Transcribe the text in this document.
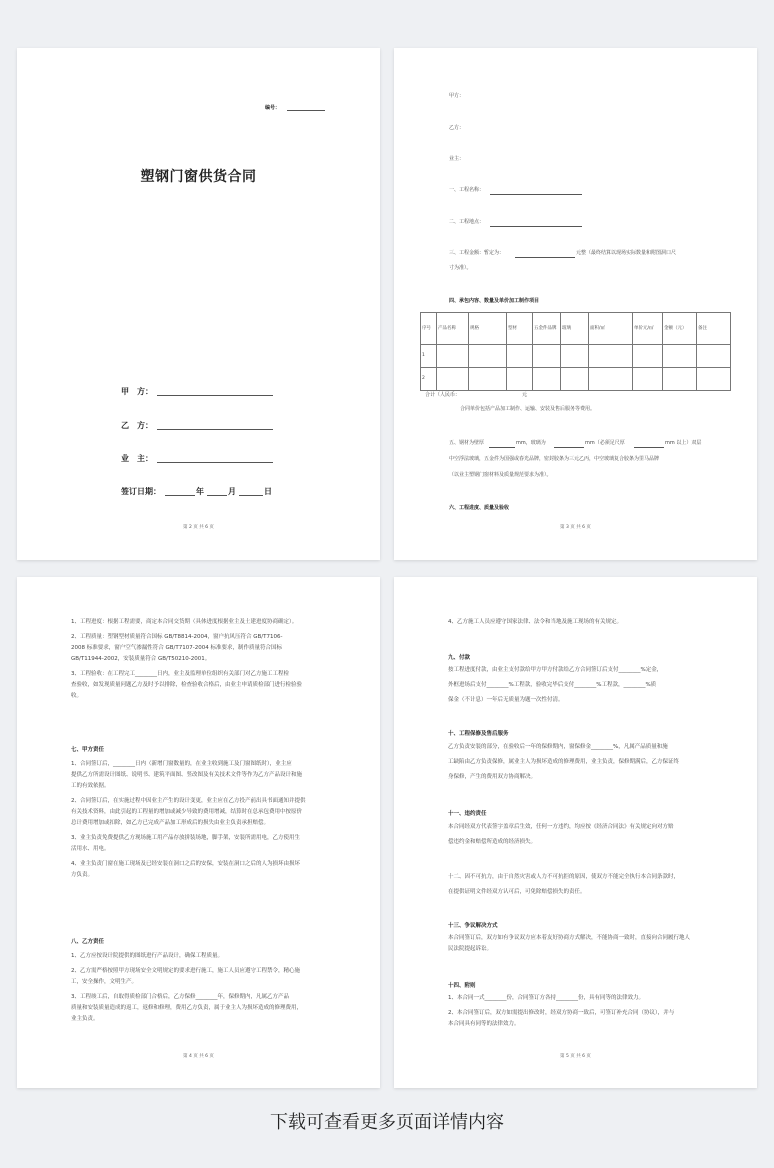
编号：
塑钢门窗供货合同
甲　方：
乙　方：
业　主：
签订日期：	年	月	日
第 2 页 共 6 页
甲方：
乙方：
业主：
一、工程名称：
二、工程地点：
三、工程金额：暂定为：	元整（最终结算以现场实际数量和附图洞口尺
寸为准）。
四、承包内容、数量及单价加工制作项目
序号	产品名称	规格	型材	五金件品牌	玻璃	面积/㎡	单价元/㎡	金额（元）	备注
1									
2									
合计（人民币：	元
合同单价包括产品加工制作、运输、安装及售后服务等费用。
五、钢材为壁厚	mm，玻璃为	mm（必须足尺厚	mm 以上）双层
中空浮法玻璃，五金件为国强或春光品牌，密封胶条为三元乙丙，中空玻璃复合胶条为里马品牌
（以业主塑钢门窗材料及质量规范要求为准）。
六、工程进度、质量及验收
第 3 页 共 6 页
1、工程进度：根据工程需要，商定本合同交货期（具体进度根据业主及土建进度协商确定）。
2、工程质量：塑钢型材质量符合国标 GB/T8814-2004，窗户抗风压符合 GB/T7106-
2008 标准要求，窗户空气渗漏性符合 GB/T7107-2004 标准要求，制作质量符合国标
GB/T11944-2002，安装质量符合 GB/T50210-2001。
3、工程验收：在工程完工________日内，业主及监理单位组织有关部门对乙方施工工程检
查验收，如发现质量问题乙方及时予以排除，检查验收合格后，由业主申请质检部门进行检验验
收。
七、甲方责任
1、合同签订后，________日内（新增门窗数量的，在业主收到施工及门窗图纸时），业主应
提供乙方所需设计图纸、说明书、建筑平面图、竖改图及有关技术文件等作为乙方产品设计和施
工的有效依据。
2、合同签订后，在实施过程中因业主产生的设计变更，业主应在乙方投产前出具书面通知并提供
有关技术资料，由此引起的工程量的增加或减少导致的费用增减，结算时在总承包费用中按原价
总计费用增加或扣除，如乙方已完成产品加工形成后的损失由业主负责承担赔偿。
3、业主负责免费提供乙方现场施工用产品存放拼装场地，脚手架，安装所需用电，乙方使用生
活用水、用电。
4、业主负责门窗在施工现场及已经安装在洞口之后的安保，安装在洞口之后的人为损坏由损坏
方负责。
八、乙方责任
1、乙方应按设计院提供的图纸进行产品设计，确保工程质量。
2、乙方需严格按照甲方现场安全文明规定的要求进行施工，施工人员应遵守工程禁令，精心施
工，安全操作，文明生产。
3、工程竣工后，自取得质检部门合格后，乙方保修________年，保修期内，凡属乙方产品
质量和安装质量造成的返工，返修和修理，费用乙方负责，属于业主人为损坏造成的修理费用，
业主负责。
第 4 页 共 6 页
4、乙方施工人员应遵守国家法律、法令和当地及施工现场的有关规定。
九、付款
按工程进度付款，由业主支付款给甲方甲方付款给乙方合同签订后支付________%定金，
外框进场后支付________%工程款，验收完毕后支付________%工程款，________%质
保金（不计息）一年后无质量为题一次性付清。
十、工程保修及售后服务
乙方负责安装的部分，在验收后一年的保修期内，窗保修金________%，凡属产品质量和施
工缺陷由乙方负责保修，属业主人为损坏造成的修理费用，业主负责，保修期满后，乙方保证终
身保修，产生的费用双方协商解决。
十一、违约责任
本合同经双方代表签字盖章后生效，任何一方违约，均应按《经济合同法》有关规定向对方赔
偿违约金和赔偿所造成的经济损失。
十二、因不可抗力，由于自然灾害或人力不可抗拒的原因，使双方不能完全执行本合同条款时，
在提供证明文件经双方认可后，可免除赔偿损失的责任。
十三、争议解决方式
本合同签订后，双方如有争议双方应本着友好协商方式解决，不能协商一致时，直接向合同履行地人
民法院提起诉讼。
十四、附则
1、本合同一式________份，合同签订方各持________份，具有同等的法律效力。
2、本合同签订后，双方如需提出修改时，经双方协商一致后，可签订补充合同（协议），并与
本合同具有同等的法律效力。
第 5 页 共 6 页
下载可查看更多页面详情内容
